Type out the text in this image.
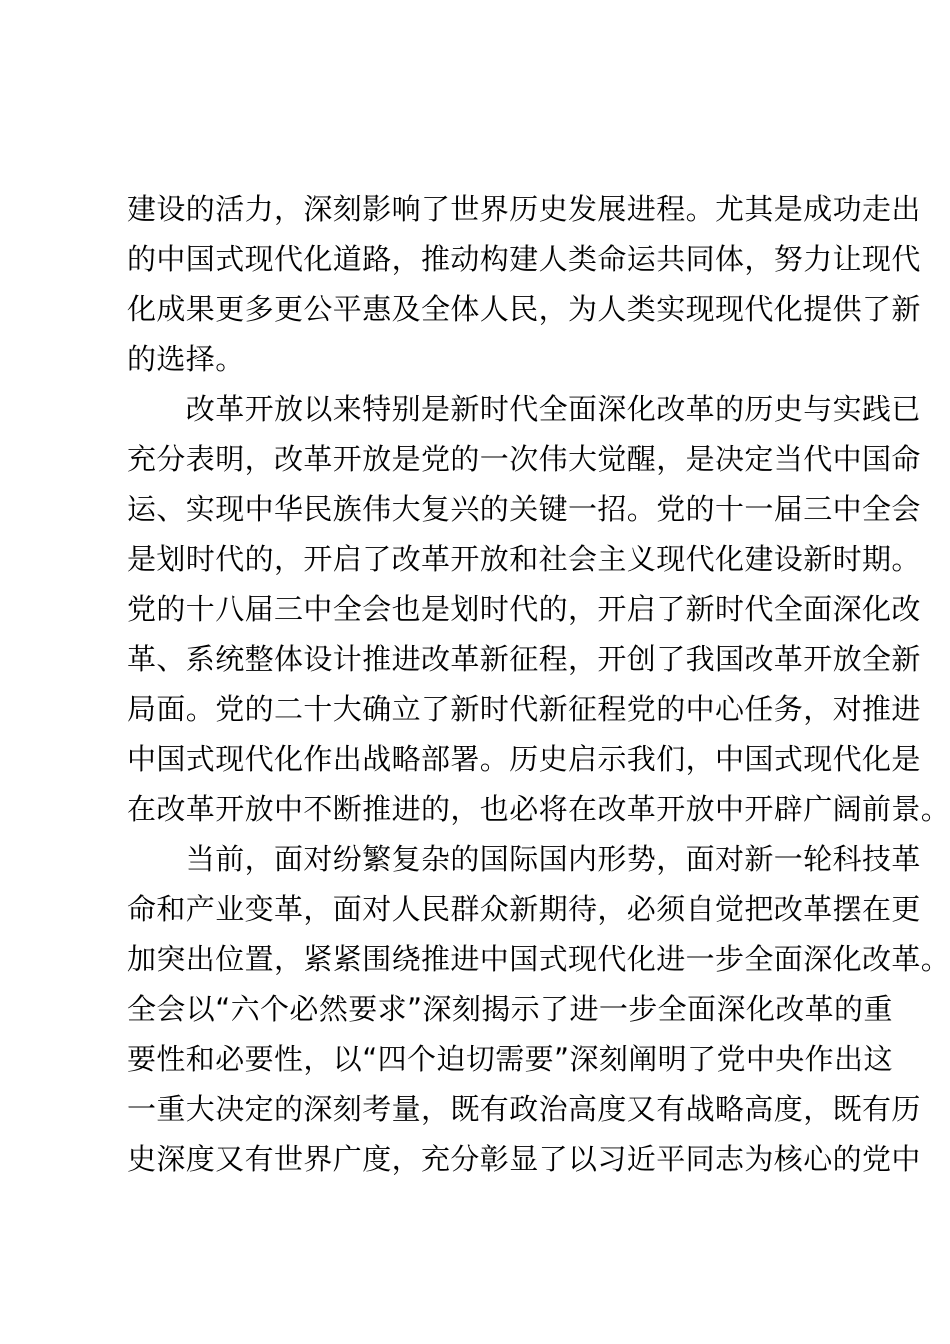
建设的活力，深刻影响了世界历史发展进程。尤其是成功走出
的中国式现代化道路，推动构建人类命运共同体，努力让现代
化成果更多更公平惠及全体人民，为人类实现现代化提供了新
的选择。
　　改革开放以来特别是新时代全面深化改革的历史与实践已
充分表明，改革开放是党的一次伟大觉醒，是决定当代中国命
运、实现中华民族伟大复兴的关键一招。党的十一届三中全会
是划时代的，开启了改革开放和社会主义现代化建设新时期。
党的十八届三中全会也是划时代的，开启了新时代全面深化改
革、系统整体设计推进改革新征程，开创了我国改革开放全新
局面。党的二十大确立了新时代新征程党的中心任务，对推进
中国式现代化作出战略部署。历史启示我们，中国式现代化是
在改革开放中不断推进的，也必将在改革开放中开辟广阔前景。
　　当前，面对纷繁复杂的国际国内形势，面对新一轮科技革
命和产业变革，面对人民群众新期待，必须自觉把改革摆在更
加突出位置，紧紧围绕推进中国式现代化进一步全面深化改革。
全会以“六个必然要求”深刻揭示了进一步全面深化改革的重
要性和必要性，以“四个迫切需要”深刻阐明了党中央作出这
一重大决定的深刻考量，既有政治高度又有战略高度，既有历
史深度又有世界广度，充分彰显了以习近平同志为核心的党中
